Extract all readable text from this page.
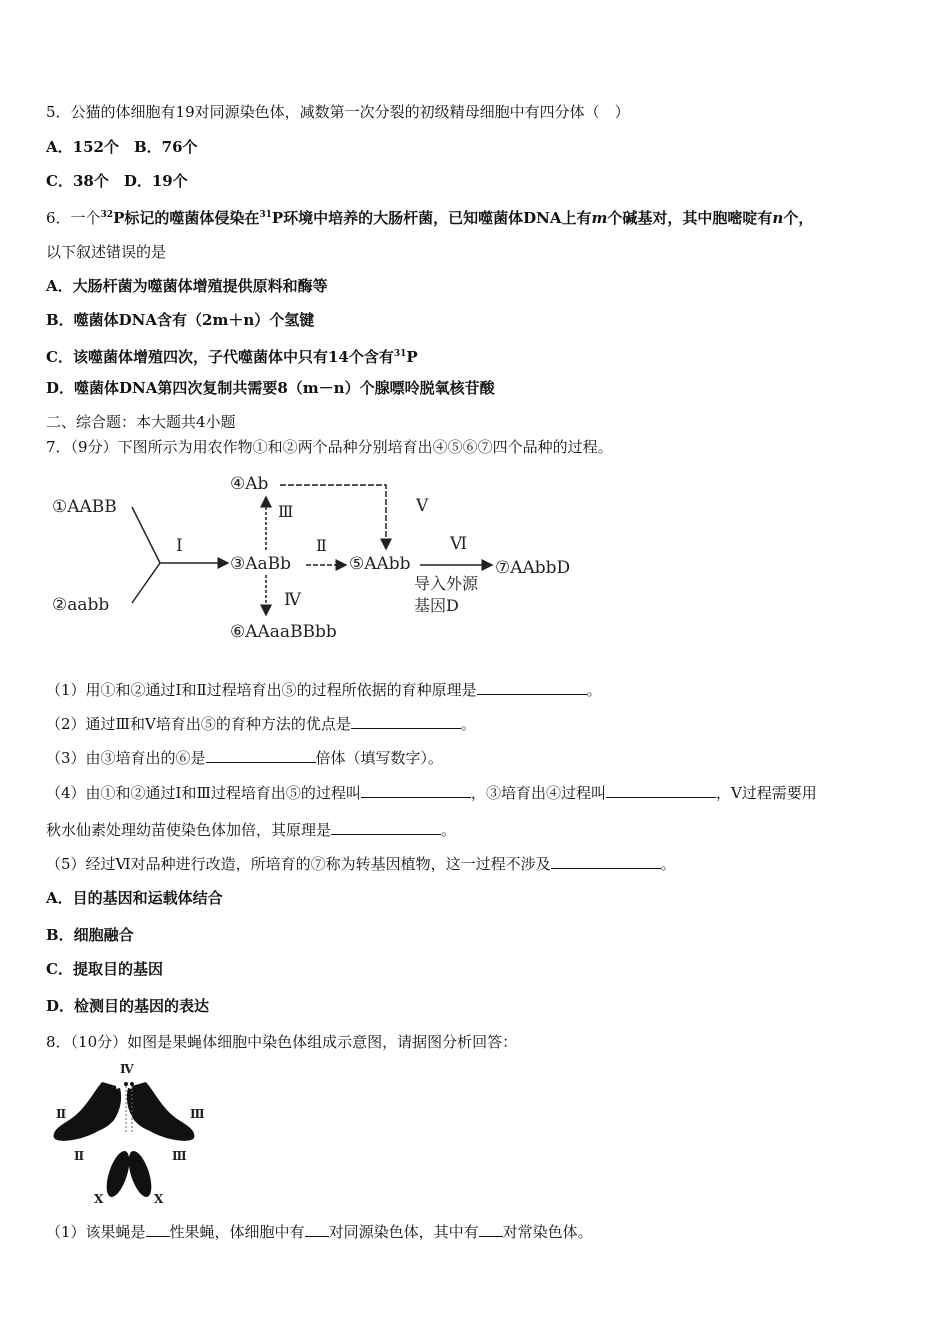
5．公猫的体细胞有19对同源染色体，减数第一次分裂的初级精母细胞中有四分体（　）
A．152个　B．76个
C．38个　D．19个
6．一个$^{32}$P标记的噬菌体侵染在$^{31}$P环境中培养的大肠杆菌，已知噬菌体DNA上有m个碱基对，其中胞嘧啶有n个，
以下叙述错误的是
A．大肠杆菌为噬菌体增殖提供原料和酶等
B．噬菌体DNA含有（2m＋n）个氢键
C．该噬菌体增殖四次，子代噬菌体中只有14个含有$^{31}$P
D．噬菌体DNA第四次复制共需要8（m－n）个腺嘌呤脱氧核苷酸
二、综合题：本大题共4小题
7．（9分）下图所示为用农作物①和②两个品种分别培育出④⑤⑥⑦四个品种的过程。
①AABB
②aabb
Ⅰ
③AaBb
④Ab
Ⅲ
Ⅳ
⑥AAaaBBbb
Ⅱ
⑤AAbb
Ⅴ
Ⅵ
导入外源
基因D
⑦AAbbD
（1）用①和②通过Ⅰ和Ⅱ过程培育出⑤的过程所依据的育种原理是	。
（2）通过Ⅲ和Ⅴ培育出⑤的育种方法的优点是	。
（3）由③培育出的⑥是	倍体（填写数字）。
（4）由①和②通过Ⅰ和Ⅲ过程培育出⑤的过程叫	，③培育出④过程叫	，Ⅴ过程需要用
秋水仙素处理幼苗使染色体加倍，其原理是	。
（5）经过Ⅵ对品种进行改造，所培育的⑦称为转基因植物，这一过程不涉及	。
A．目的基因和运载体结合
B．细胞融合
C．提取目的基因
D．检测目的基因的表达
8．（10分）如图是果蝇体细胞中染色体组成示意图，请据图分析回答：
Ⅳ
Ⅱ	Ⅲ
Ⅱ	Ⅲ
X	X
（1）该果蝇是 性果蝇，体细胞中有 对同源染色体，其中有 对常染色体。
